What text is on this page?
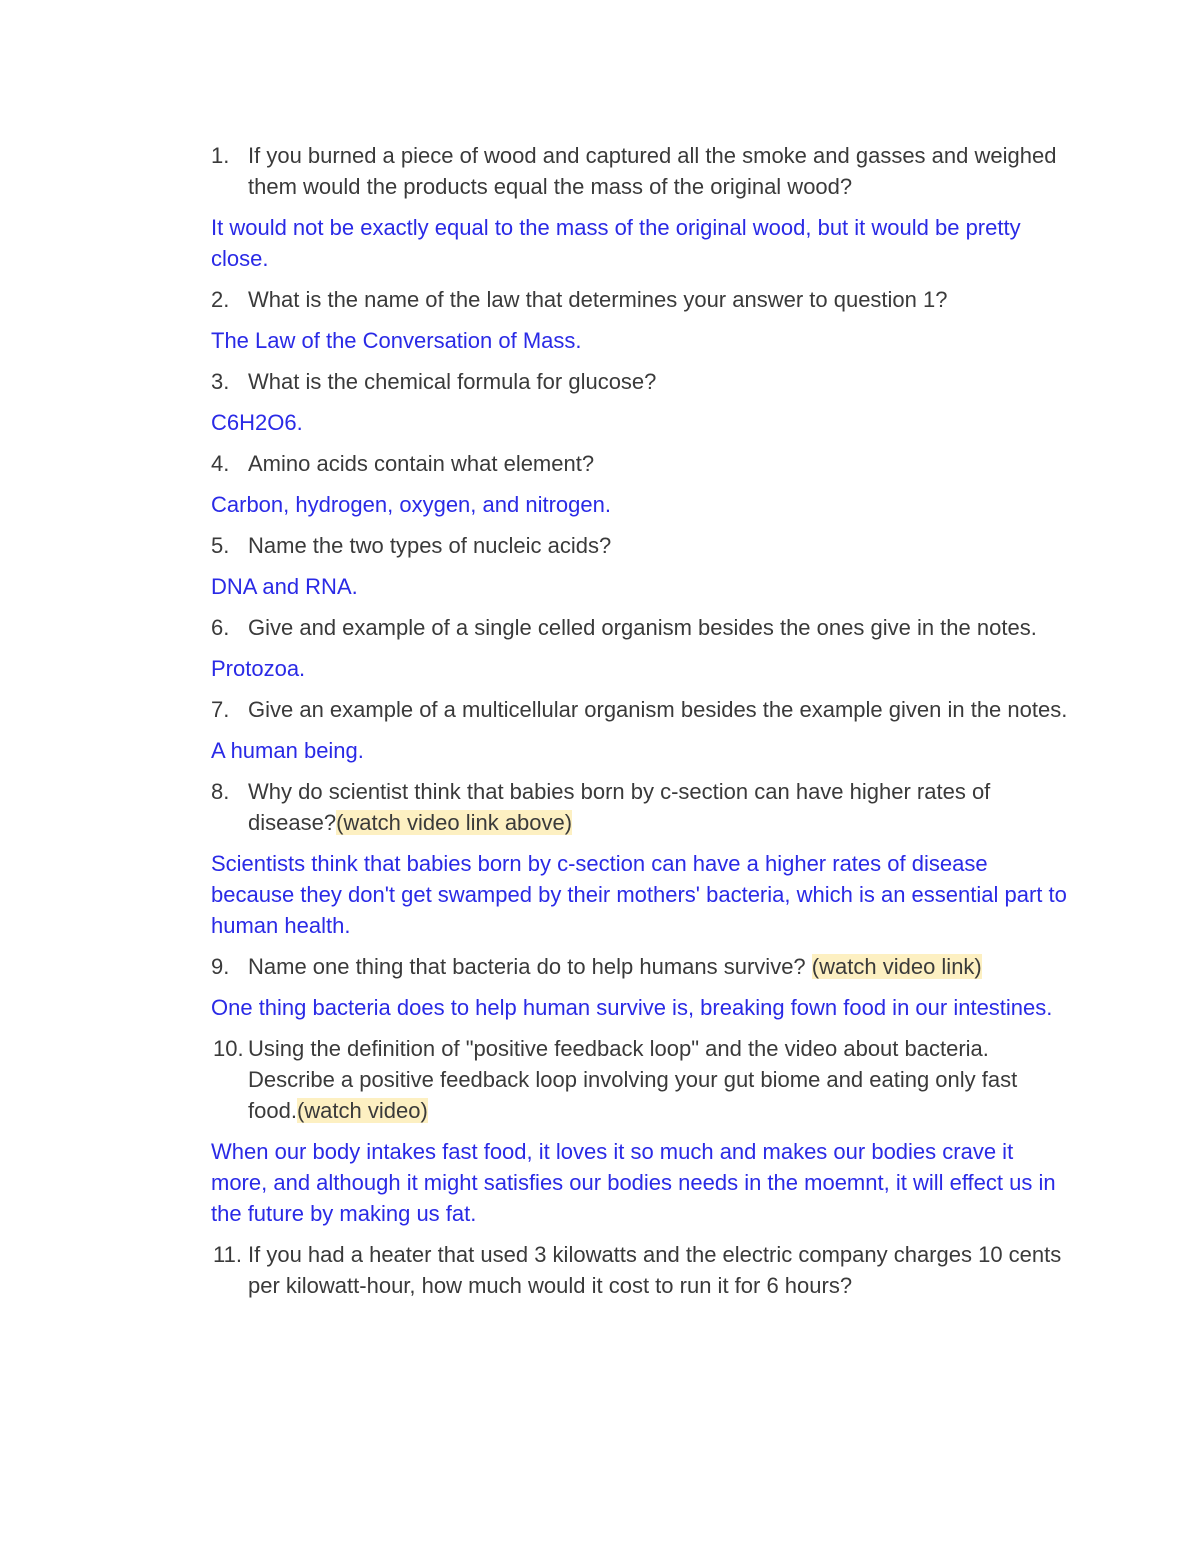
1. If you burned a piece of wood and captured all the smoke and gasses and weighed them would the products equal the mass of the original wood?
It would not be exactly equal to the mass of the original wood, but it would be pretty close.
2. What is the name of the law that determines your answer to question 1?
The Law of the Conversation of Mass.
3. What is the chemical formula for glucose?
C6H2O6.
4. Amino acids contain what element?
Carbon, hydrogen, oxygen, and nitrogen.
5. Name the two types of nucleic acids?
DNA and RNA.
6. Give and example of a single celled organism besides the ones give in the notes.
Protozoa.
7. Give an example of a multicellular organism besides the example given in the notes.
A human being.
8. Why do scientist think that babies born by c-section can have higher rates of disease?(watch video link above)
Scientists think that babies born by c-section can have a higher rates of disease because they don't get swamped by their mothers' bacteria, which is an essential part to human health.
9. Name one thing that bacteria do to help humans survive? (watch video link)
One thing bacteria does to help human survive is, breaking fown food in our intestines.
10. Using the definition of "positive feedback loop" and the video about bacteria. Describe a positive feedback loop involving your gut biome and eating only fast food.(watch video)
When our body intakes fast food, it loves it so much and makes our bodies crave it more, and although it might satisfies our bodies needs in the moemnt, it will effect us in the future by making us fat.
11. If you had a heater that used 3 kilowatts and the electric company charges 10 cents per kilowatt-hour, how much would it cost to run it for 6 hours?
